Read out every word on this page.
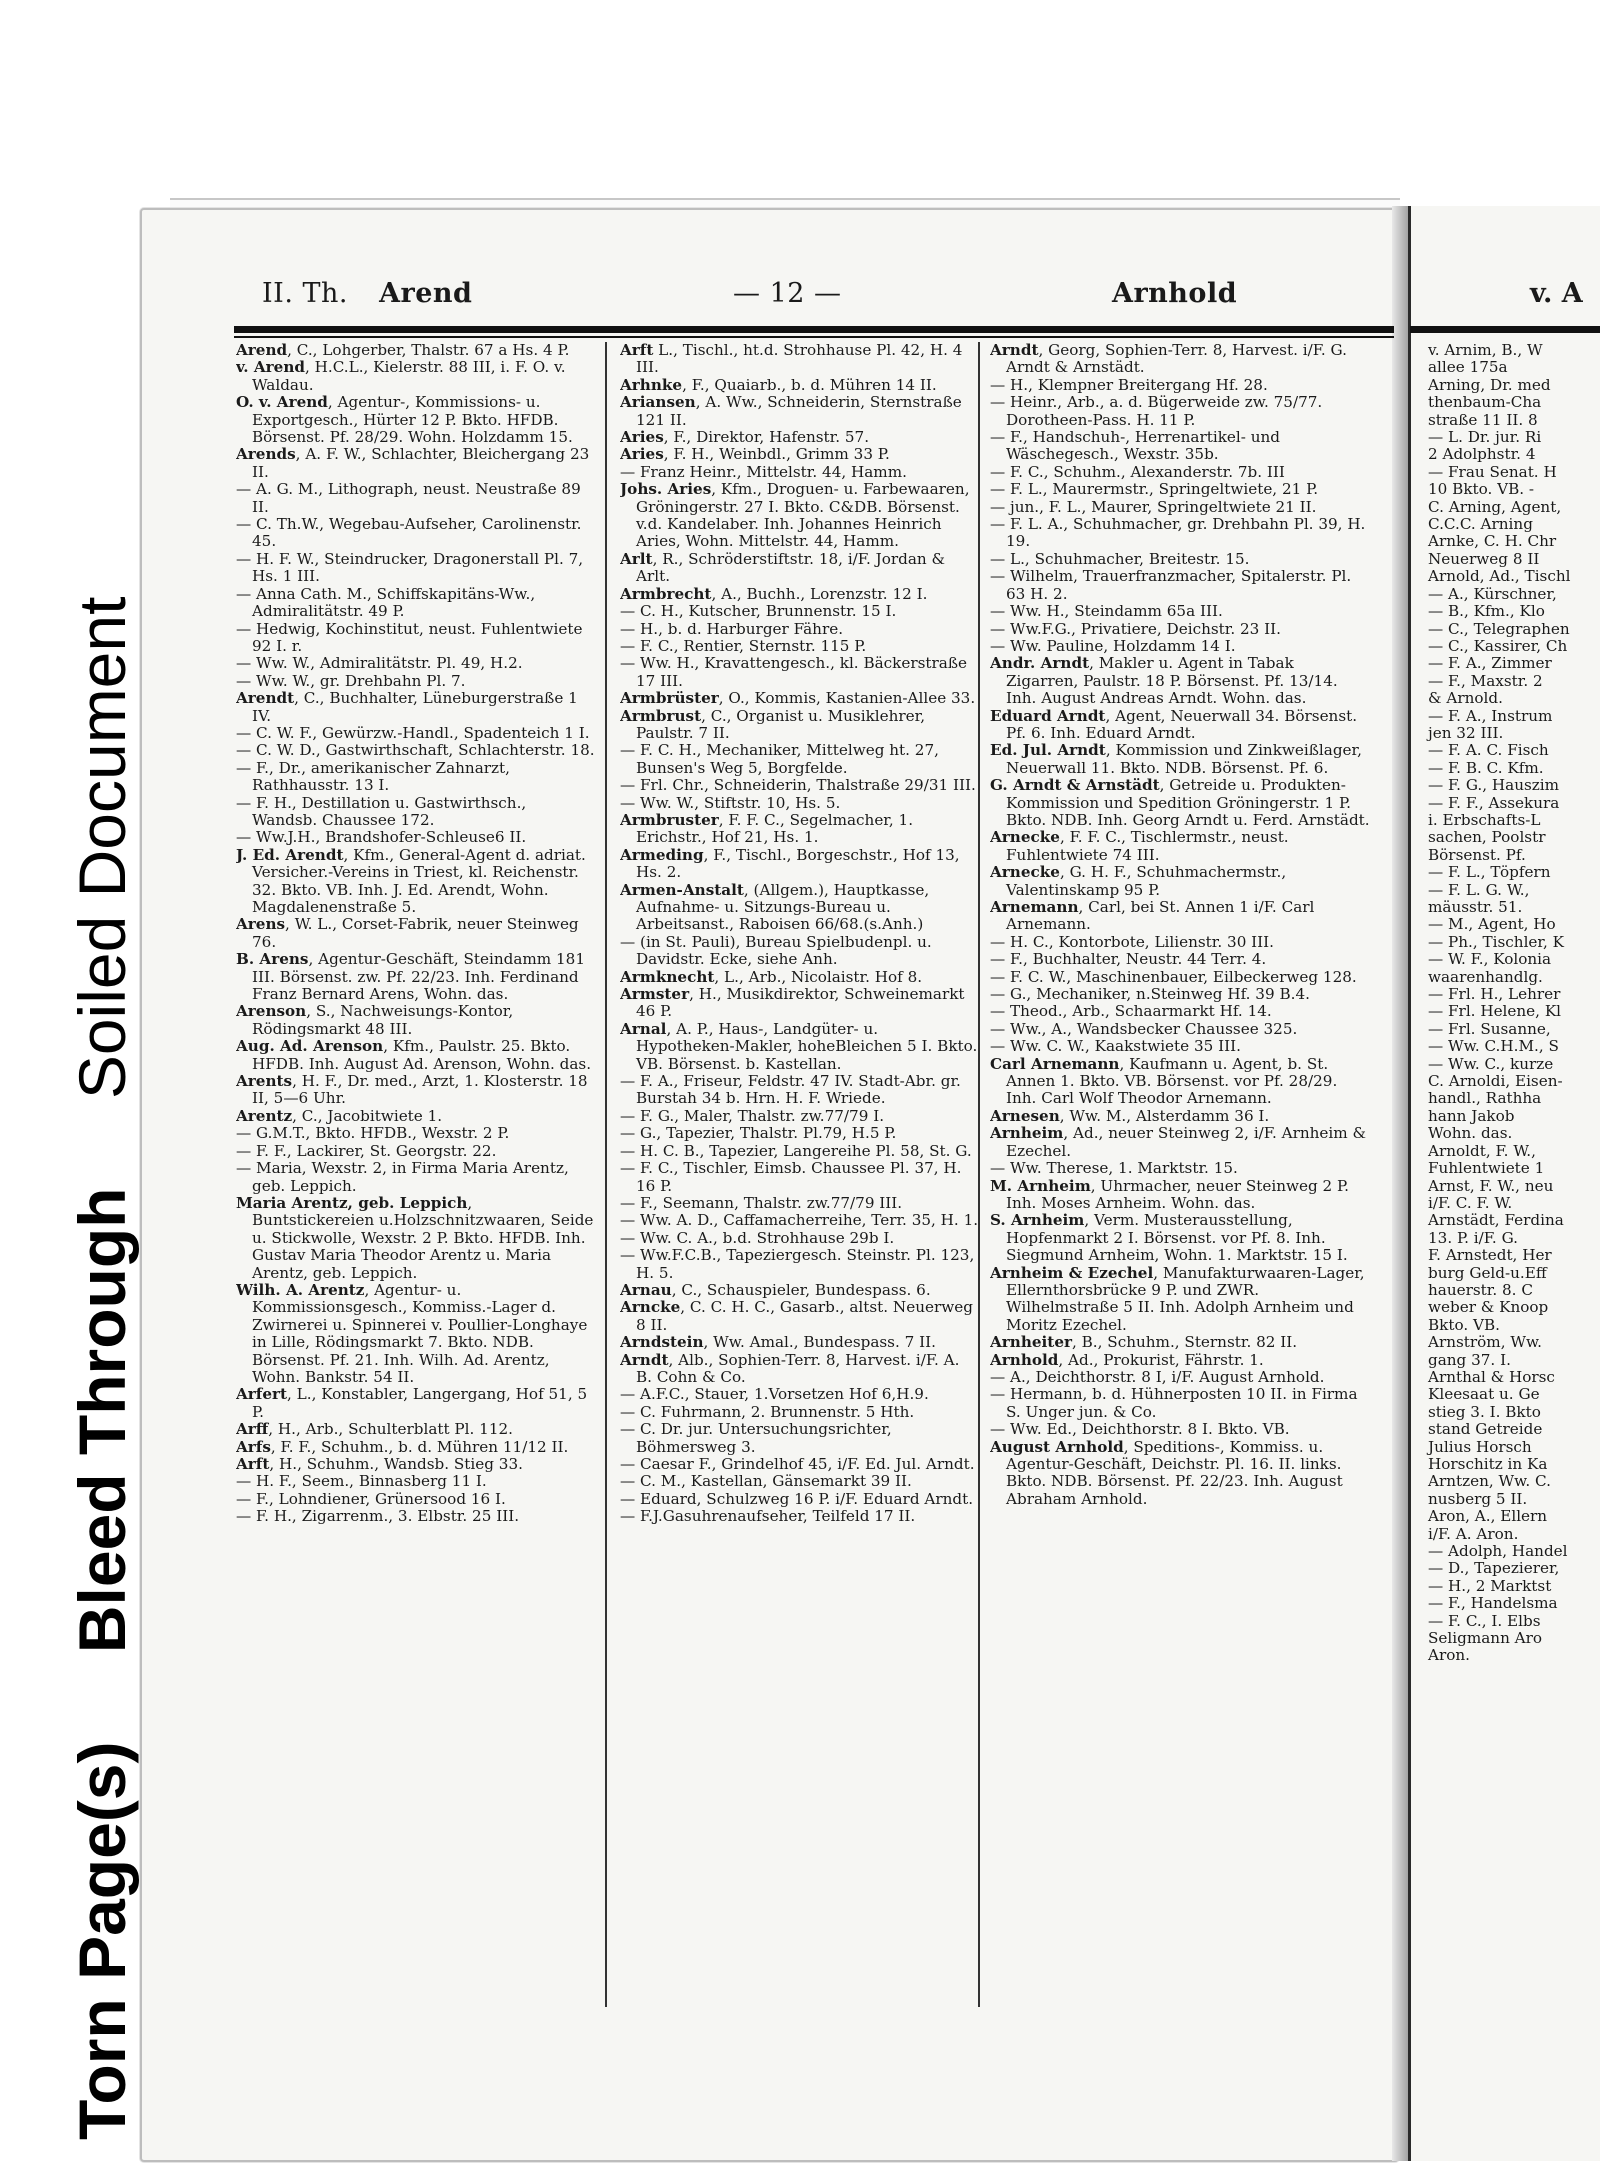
Torn Page(s) Bleed Through Soiled Document
II. Th. Arend	— 12 —	Arnhold
Arend, C., Lohgerber, Thalstr. 67 a Hs. 4 P.
v. Arend, H.C.L., Kielerstr. 88 III, i. F. O. v. Waldau.
O. v. Arend, Agentur-, Kommissions- u. Exportgesch., Hürter 12 P. Bkto. HFDB. Börsenst. Pf. 28/29. Wohn. Holzdamm 15.
Arends, A. F. W., Schlachter, Bleichergang 23 II.
— A. G. M., Lithograph, neust. Neustraße 89 II.
— C. Th.W., Wegebau-Aufseher, Carolinenstr. 45.
— H. F. W., Steindrucker, Dragonerstall Pl. 7, Hs. 1 III.
— Anna Cath. M., Schiffskapitäns-Ww., Admiralitätstr. 49 P.
— Hedwig, Kochinstitut, neust. Fuhlentwiete 92 I. r.
— Ww. W., Admiralitätstr. Pl. 49, H.2.
— Ww. W., gr. Drehbahn Pl. 7.
Arendt, C., Buchhalter, Lüneburgerstraße 1 IV.
— C. W. F., Gewürzw.-Handl., Spadenteich 1 I.
— C. W. D., Gastwirthschaft, Schlachterstr. 18.
— F., Dr., amerikanischer Zahnarzt, Rathhausstr. 13 I.
— F. H., Destillation u. Gastwirthsch., Wandsb. Chaussee 172.
— Ww.J.H., Brandshofer-Schleuse6 II.
J. Ed. Arendt, Kfm., General-Agent d. adriat. Versicher.-Vereins in Triest, kl. Reichenstr. 32. Bkto. VB. Inh. J. Ed. Arendt, Wohn. Magdalenenstraße 5.
Arens, W. L., Corset-Fabrik, neuer Steinweg 76.
B. Arens, Agentur-Geschäft, Steindamm 181 III. Börsenst. zw. Pf. 22/23. Inh. Ferdinand Franz Bernard Arens, Wohn. das.
Arenson, S., Nachweisungs-Kontor, Rödingsmarkt 48 III.
Aug. Ad. Arenson, Kfm., Paulstr. 25. Bkto. HFDB. Inh. August Ad. Arenson, Wohn. das.
Arents, H. F., Dr. med., Arzt, 1. Klosterstr. 18 II, 5—6 Uhr.
Arentz, C., Jacobitwiete 1.
— G.M.T., Bkto. HFDB., Wexstr. 2 P.
— F. F., Lackirer, St. Georgstr. 22.
— Maria, Wexstr. 2, in Firma Maria Arentz, geb. Leppich.
Maria Arentz, geb. Leppich, Buntstickereien u.Holzschnitzwaaren, Seide u. Stickwolle, Wexstr. 2 P. Bkto. HFDB. Inh. Gustav Maria Theodor Arentz u. Maria Arentz, geb. Leppich.
Wilh. A. Arentz, Agentur- u. Kommissionsgesch., Kommiss.-Lager d. Zwirnerei u. Spinnerei v. Poullier-Longhaye in Lille, Rödingsmarkt 7. Bkto. NDB. Börsenst. Pf. 21. Inh. Wilh. Ad. Arentz, Wohn. Bankstr. 54 II.
Arfert, L., Konstabler, Langergang, Hof 51, 5 P.
Arff, H., Arb., Schulterblatt Pl. 112.
Arfs, F. F., Schuhm., b. d. Mühren 11/12 II.
Arft, H., Schuhm., Wandsb. Stieg 33.
— H. F., Seem., Binnasberg 11 I.
— F., Lohndiener, Grünersood 16 I.
— F. H., Zigarrenm., 3. Elbstr. 25 III.
Arft L., Tischl., ht.d. Strohhause Pl. 42, H. 4 III.
Arhnke, F., Quaiarb., b. d. Mühren 14 II.
Ariansen, A. Ww., Schneiderin, Sternstraße 121 II.
Aries, F., Direktor, Hafenstr. 57.
Aries, F. H., Weinbdl., Grimm 33 P.
— Franz Heinr., Mittelstr. 44, Hamm.
Johs. Aries, Kfm., Droguen- u. Farbewaaren, Gröningerstr. 27 I. Bkto. C&DB. Börsenst. v.d. Kandelaber. Inh. Johannes Heinrich Aries, Wohn. Mittelstr. 44, Hamm.
Arlt, R., Schröderstiftstr. 18, i/F. Jordan & Arlt.
Armbrecht, A., Buchh., Lorenzstr. 12 I.
— C. H., Kutscher, Brunnenstr. 15 I.
— H., b. d. Harburger Fähre.
— F. C., Rentier, Sternstr. 115 P.
— Ww. H., Kravattengesch., kl. Bäckerstraße 17 III.
Armbrüster, O., Kommis, Kastanien-Allee 33.
Armbrust, C., Organist u. Musiklehrer, Paulstr. 7 II.
— F. C. H., Mechaniker, Mittelweg ht. 27, Bunsen's Weg 5, Borgfelde.
— Frl. Chr., Schneiderin, Thalstraße 29/31 III.
— Ww. W., Stiftstr. 10, Hs. 5.
Armbruster, F. F. C., Segelmacher, 1. Erichstr., Hof 21, Hs. 1.
Armeding, F., Tischl., Borgeschstr., Hof 13, Hs. 2.
Armen-Anstalt, (Allgem.), Hauptkasse, Aufnahme- u. Sitzungs-Bureau u. Arbeitsanst., Raboisen 66/68.(s.Anh.)
— (in St. Pauli), Bureau Spielbudenpl. u. Davidstr. Ecke, siehe Anh.
Armknecht, L., Arb., Nicolaistr. Hof 8.
Armster, H., Musikdirektor, Schweinemarkt 46 P.
Arnal, A. P., Haus-, Landgüter- u. Hypotheken-Makler, hoheBleichen 5 I. Bkto. VB. Börsenst. b. Kastellan.
— F. A., Friseur, Feldstr. 47 IV. Stadt-Abr. gr. Burstah 34 b. Hrn. H. F. Wriede.
— F. G., Maler, Thalstr. zw.77/79 I.
— G., Tapezier, Thalstr. Pl.79, H.5 P.
— H. C. B., Tapezier, Langereihe Pl. 58, St. G.
— F. C., Tischler, Eimsb. Chaussee Pl. 37, H. 16 P.
— F., Seemann, Thalstr. zw.77/79 III.
— Ww. A. D., Caffamacherreihe, Terr. 35, H. 1.
— Ww. C. A., b.d. Strohhause 29b I.
— Ww.F.C.B., Tapeziergesch. Steinstr. Pl. 123, H. 5.
Arnau, C., Schauspieler, Bundespass. 6.
Arncke, C. C. H. C., Gasarb., altst. Neuerweg 8 II.
Arndstein, Ww. Amal., Bundespass. 7 II.
Arndt, Alb., Sophien-Terr. 8, Harvest. i/F. A. B. Cohn & Co.
— A.F.C., Stauer, 1.Vorsetzen Hof 6,H.9.
— C. Fuhrmann, 2. Brunnenstr. 5 Hth.
— C. Dr. jur. Untersuchungsrichter, Böhmersweg 3.
— Caesar F., Grindelhof 45, i/F. Ed. Jul. Arndt.
— C. M., Kastellan, Gänsemarkt 39 II.
— Eduard, Schulzweg 16 P. i/F. Eduard Arndt.
— F.J.Gasuhrenaufseher, Teilfeld 17 II.
Arndt, Georg, Sophien-Terr. 8, Harvest. i/F. G. Arndt & Arnstädt.
— H., Klempner Breitergang Hf. 28.
— Heinr., Arb., a. d. Bügerweide zw. 75/77. Dorotheen-Pass. H. 11 P.
— F., Handschuh-, Herrenartikel- und Wäschegesch., Wexstr. 35b.
— F. C., Schuhm., Alexanderstr. 7b. III
— F. L., Maurermstr., Springeltwiete, 21 P.
— jun., F. L., Maurer, Springeltwiete 21 II.
— F. L. A., Schuhmacher, gr. Drehbahn Pl. 39, H. 19.
— L., Schuhmacher, Breitestr. 15.
— Wilhelm, Trauerfranzmacher, Spitalerstr. Pl. 63 H. 2.
— Ww. H., Steindamm 65a III.
— Ww.F.G., Privatiere, Deichstr. 23 II.
— Ww. Pauline, Holzdamm 14 I.
Andr. Arndt, Makler u. Agent in Tabak Zigarren, Paulstr. 18 P. Börsenst. Pf. 13/14. Inh. August Andreas Arndt. Wohn. das.
Eduard Arndt, Agent, Neuerwall 34. Börsenst. Pf. 6. Inh. Eduard Arndt.
Ed. Jul. Arndt, Kommission und Zinkweißlager, Neuerwall 11. Bkto. NDB. Börsenst. Pf. 6.
G. Arndt & Arnstädt, Getreide u. Produkten-Kommission und Spedition Gröningerstr. 1 P. Bkto. NDB. Inh. Georg Arndt u. Ferd. Arnstädt.
Arnecke, F. F. C., Tischlermstr., neust. Fuhlentwiete 74 III.
Arnecke, G. H. F., Schuhmachermstr., Valentinskamp 95 P.
Arnemann, Carl, bei St. Annen 1 i/F. Carl Arnemann.
— H. C., Kontorbote, Lilienstr. 30 III.
— F., Buchhalter, Neustr. 44 Terr. 4.
— F. C. W., Maschinenbauer, Eilbeckerweg 128.
— G., Mechaniker, n.Steinweg Hf. 39 B.4.
— Theod., Arb., Schaarmarkt Hf. 14.
— Ww., A., Wandsbecker Chaussee 325.
— Ww. C. W., Kaakstwiete 35 III.
Carl Arnemann, Kaufmann u. Agent, b. St. Annen 1. Bkto. VB. Börsenst. vor Pf. 28/29. Inh. Carl Wolf Theodor Arnemann.
Arnesen, Ww. M., Alsterdamm 36 I.
Arnheim, Ad., neuer Steinweg 2, i/F. Arnheim & Ezechel.
— Ww. Therese, 1. Marktstr. 15.
M. Arnheim, Uhrmacher, neuer Steinweg 2 P. Inh. Moses Arnheim. Wohn. das.
S. Arnheim, Verm. Musterausstellung, Hopfenmarkt 2 I. Börsenst. vor Pf. 8. Inh. Siegmund Arnheim, Wohn. 1. Marktstr. 15 I.
Arnheim & Ezechel, Manufakturwaaren-Lager, Ellernthorsbrücke 9 P. und ZWR. Wilhelmstraße 5 II. Inh. Adolph Arnheim und Moritz Ezechel.
Arnheiter, B., Schuhm., Sternstr. 82 II.
Arnhold, Ad., Prokurist, Fährstr. 1.
— A., Deichthorstr. 8 I, i/F. August Arnhold.
— Hermann, b. d. Hühnerposten 10 II. in Firma S. Unger jun. & Co.
— Ww. Ed., Deichthorstr. 8 I. Bkto. VB.
August Arnhold, Speditions-, Kommiss. u. Agentur-Geschäft, Deichstr. Pl. 16. II. links. Bkto. NDB. Börsenst. Pf. 22/23. Inh. August Abraham Arnhold.
v. A
v. Arnim, B., W
allee 175a
Arning, Dr. med
thenbaum-Cha
straße 11 II. 8
— L. Dr. jur. Ri
2 Adolphstr. 4
— Frau Senat. H
10 Bkto. VB. -
C. Arning, Agent,
C.C.C. Arning
Arnke, C. H. Chr
Neuerweg 8 II
Arnold, Ad., Tischl
— A., Kürschner,
— B., Kfm., Klo
— C., Telegraphen
— C., Kassirer, Ch
— F. A., Zimmer
— F., Maxstr. 2
& Arnold.
— F. A., Instrum
jen 32 III.
— F. A. C. Fisch
— F. B. C. Kfm.
— F. G., Hauszim
— F. F., Assekura
i. Erbschafts-L
sachen, Poolstr
Börsenst. Pf.
— F. L., Töpfern
— F. L. G. W.,
mäusstr. 51.
— M., Agent, Ho
— Ph., Tischler, K
— W. F., Kolonia
waarenhandlg.
— Frl. H., Lehrer
— Frl. Helene, Kl
— Frl. Susanne,
— Ww. C.H.M., S
— Ww. C., kurze
C. Arnoldi, Eisen-
handl., Rathha
hann Jakob
Wohn. das.
Arnoldt, F. W.,
Fuhlentwiete 1
Arnst, F. W., neu
i/F. C. F. W.
Arnstädt, Ferdina
13. P. i/F. G.
F. Arnstedt, Her
burg Geld-u.Eff
hauerstr. 8. C
weber & Knoop
Bkto. VB.
Arnström, Ww.
gang 37. I.
Arnthal & Horsc
Kleesaat u. Ge
stieg 3. I. Bkto
stand Getreide
Julius Horsch
Horschitz in Ka
Arntzen, Ww. C.
nusberg 5 II.
Aron, A., Ellern
i/F. A. Aron.
— Adolph, Handel
— D., Tapezierer,
— H., 2 Marktst
— F., Handelsma
— F. C., I. Elbs
Seligmann Aro
Aron.
